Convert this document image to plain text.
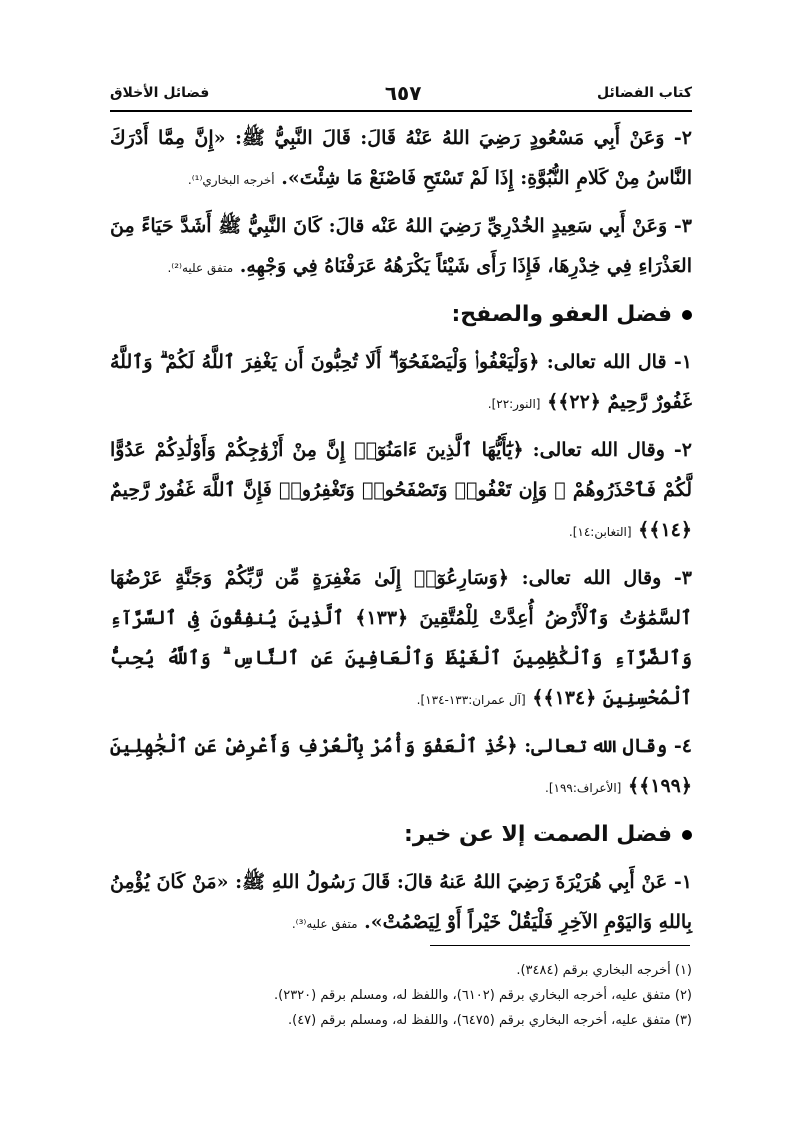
كتاب الفضائل
٦٥٧
فضائل الأخلاق

٢- وَعَنْ أَبِي مَسْعُودٍ رَضِيَ اللهُ عَنْهُ قَالَ: قَالَ النَّبِيُّ ﷺ: «إِنَّ مِمَّا أَدْرَكَ النَّاسُ مِنْ كَلامِ النُّبُوَّةِ: إِذَا لَمْ تَسْتَحِ فَاصْنَعْ مَا شِئْتَ». أخرجه البخاري⁽¹⁾.

٣- وَعَنْ أَبِي سَعِيدٍ الخُدْرِيِّ رَضِيَ اللهُ عَنْه قالَ: كَانَ النَّبِيُّ ﷺ أَشَدَّ حَيَاءً مِنَ العَذْرَاءِ فِي خِدْرِهَا، فَإِذَا رَأَى شَيْئاً يَكْرَهُهُ عَرَفْنَاهُ فِي وَجْهِهِ. متفق عليه⁽²⁾.

فضل العفو والصفح:

١- قال الله تعالى: ﴿وَلْيَعْفُوا۟ وَلْيَصْفَحُوٓا۟ ۗ أَلَا تُحِبُّونَ أَن يَغْفِرَ ٱللَّهُ لَكُمْ ۗ وَٱللَّهُ غَفُورٌ رَّحِيمٌ ﴿٢٢﴾﴾ [النور:٢٢].

٢- وقال الله تعالى: ﴿يَٰٓأَيُّهَا ٱلَّذِينَ ءَامَنُوٓا۟ إِنَّ مِنْ أَزْوَٰجِكُمْ وَأَوْلَٰدِكُمْ عَدُوًّا لَّكُمْ فَٱحْذَرُوهُمْ ۚ وَإِن تَعْفُوا۟ وَتَصْفَحُوا۟ وَتَغْفِرُوا۟ فَإِنَّ ٱللَّهَ غَفُورٌ رَّحِيمٌ ﴿١٤﴾﴾ [التغابن:١٤].

٣- وقال الله تعالى: ﴿وَسَارِعُوٓا۟ إِلَىٰ مَغْفِرَةٍ مِّن رَّبِّكُمْ وَجَنَّةٍ عَرْضُهَا ٱلسَّمَٰوَٰتُ وَٱلْأَرْضُ أُعِدَّتْ لِلْمُتَّقِينَ ﴿١٣٣﴾ ٱلَّذِينَ يُنفِقُونَ فِى ٱلسَّرَّآءِ وَٱلضَّرَّآءِ وَٱلْكَٰظِمِينَ ٱلْغَيْظَ وَٱلْعَافِينَ عَنِ ٱلنَّاسِ ۗ وَٱللَّهُ يُحِبُّ ٱلْمُحْسِنِينَ ﴿١٣٤﴾﴾ [آل عمران:١٣٣-١٣٤].

٤- وقال الله تعالى: ﴿خُذِ ٱلْعَفْوَ وَأْمُرْ بِٱلْعُرْفِ وَأَعْرِضْ عَنِ ٱلْجَٰهِلِينَ ﴿١٩٩﴾﴾ [الأعراف:١٩٩].

فضل الصمت إلا عن خير:

١- عَنْ أَبِي هُرَيْرَةَ رَضِيَ اللهُ عَنهُ قالَ: قَالَ رَسُولُ اللهِ ﷺ: «مَنْ كَانَ يُؤْمِنُ بِاللهِ وَاليَوْمِ الآخِرِ فَلْيَقُلْ خَيْراً أَوْ لِيَصْمُتْ». متفق عليه⁽³⁾.

(١) أخرجه البخاري برقم (٣٤٨٤).
(٢) متفق عليه، أخرجه البخاري برقم (٦١٠٢)، واللفظ له، ومسلم برقم (٢٣٢٠).
(٣) متفق عليه، أخرجه البخاري برقم (٦٤٧٥)، واللفظ له، ومسلم برقم (٤٧).
